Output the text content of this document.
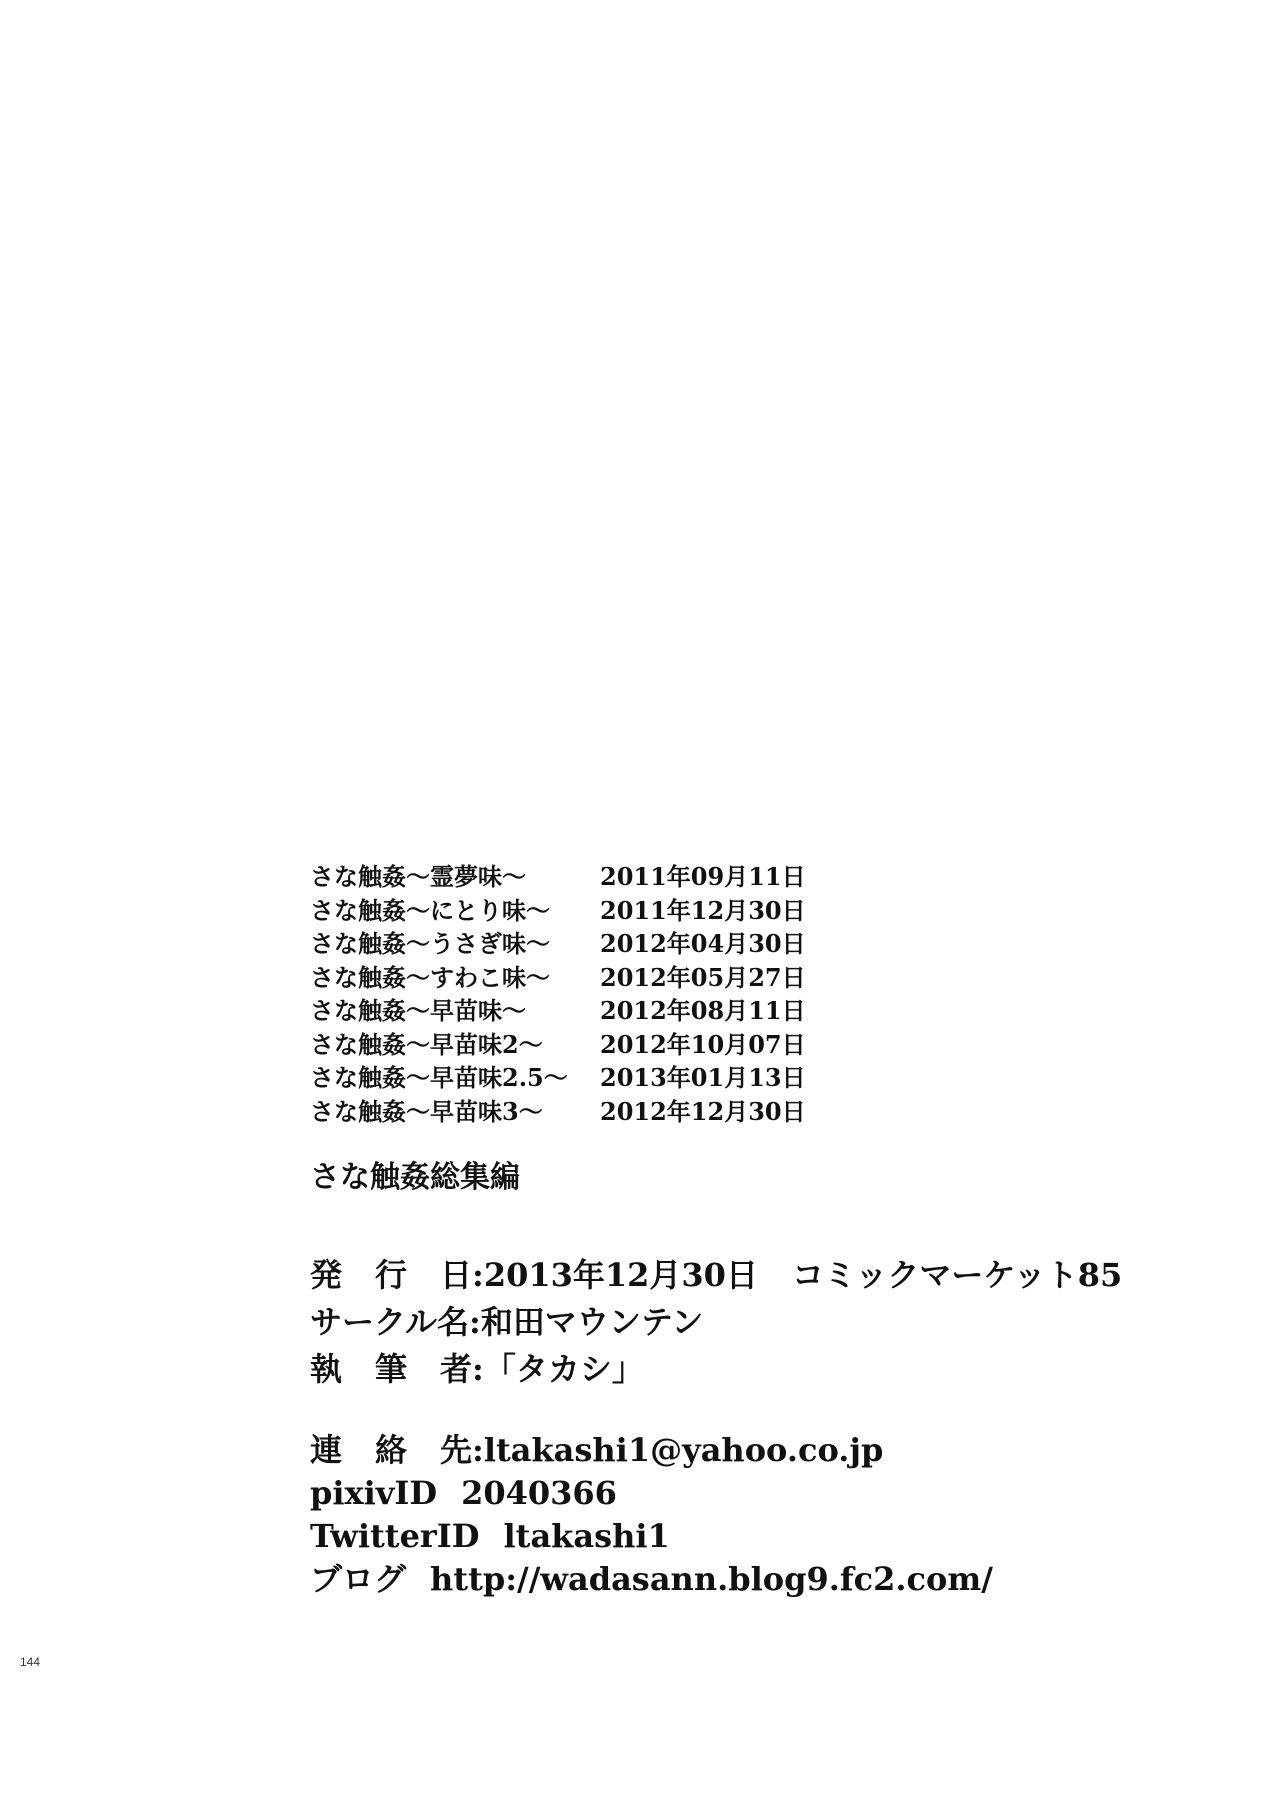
さな触姦〜霊夢味〜	2011年09月11日
さな触姦〜にとり味〜	2011年12月30日
さな触姦〜うさぎ味〜	2012年04月30日
さな触姦〜すわこ味〜	2012年05月27日
さな触姦〜早苗味〜	2012年08月11日
さな触姦〜早苗味2〜	2012年10月07日
さな触姦〜早苗味2.5〜	2013年01月13日
さな触姦〜早苗味3〜	2012年12月30日
さな触姦総集編
発 行 日 : 2013年12月30日 コミックマーケット85
サークル名 : 和田マウンテン
執 筆 者 : 「タカシ」
連 絡 先 : ltakashi1@yahoo.co.jp
pixivID 2040366
TwitterID ltakashi1
ブログ http://wadasann.blog9.fc2.com/
144
